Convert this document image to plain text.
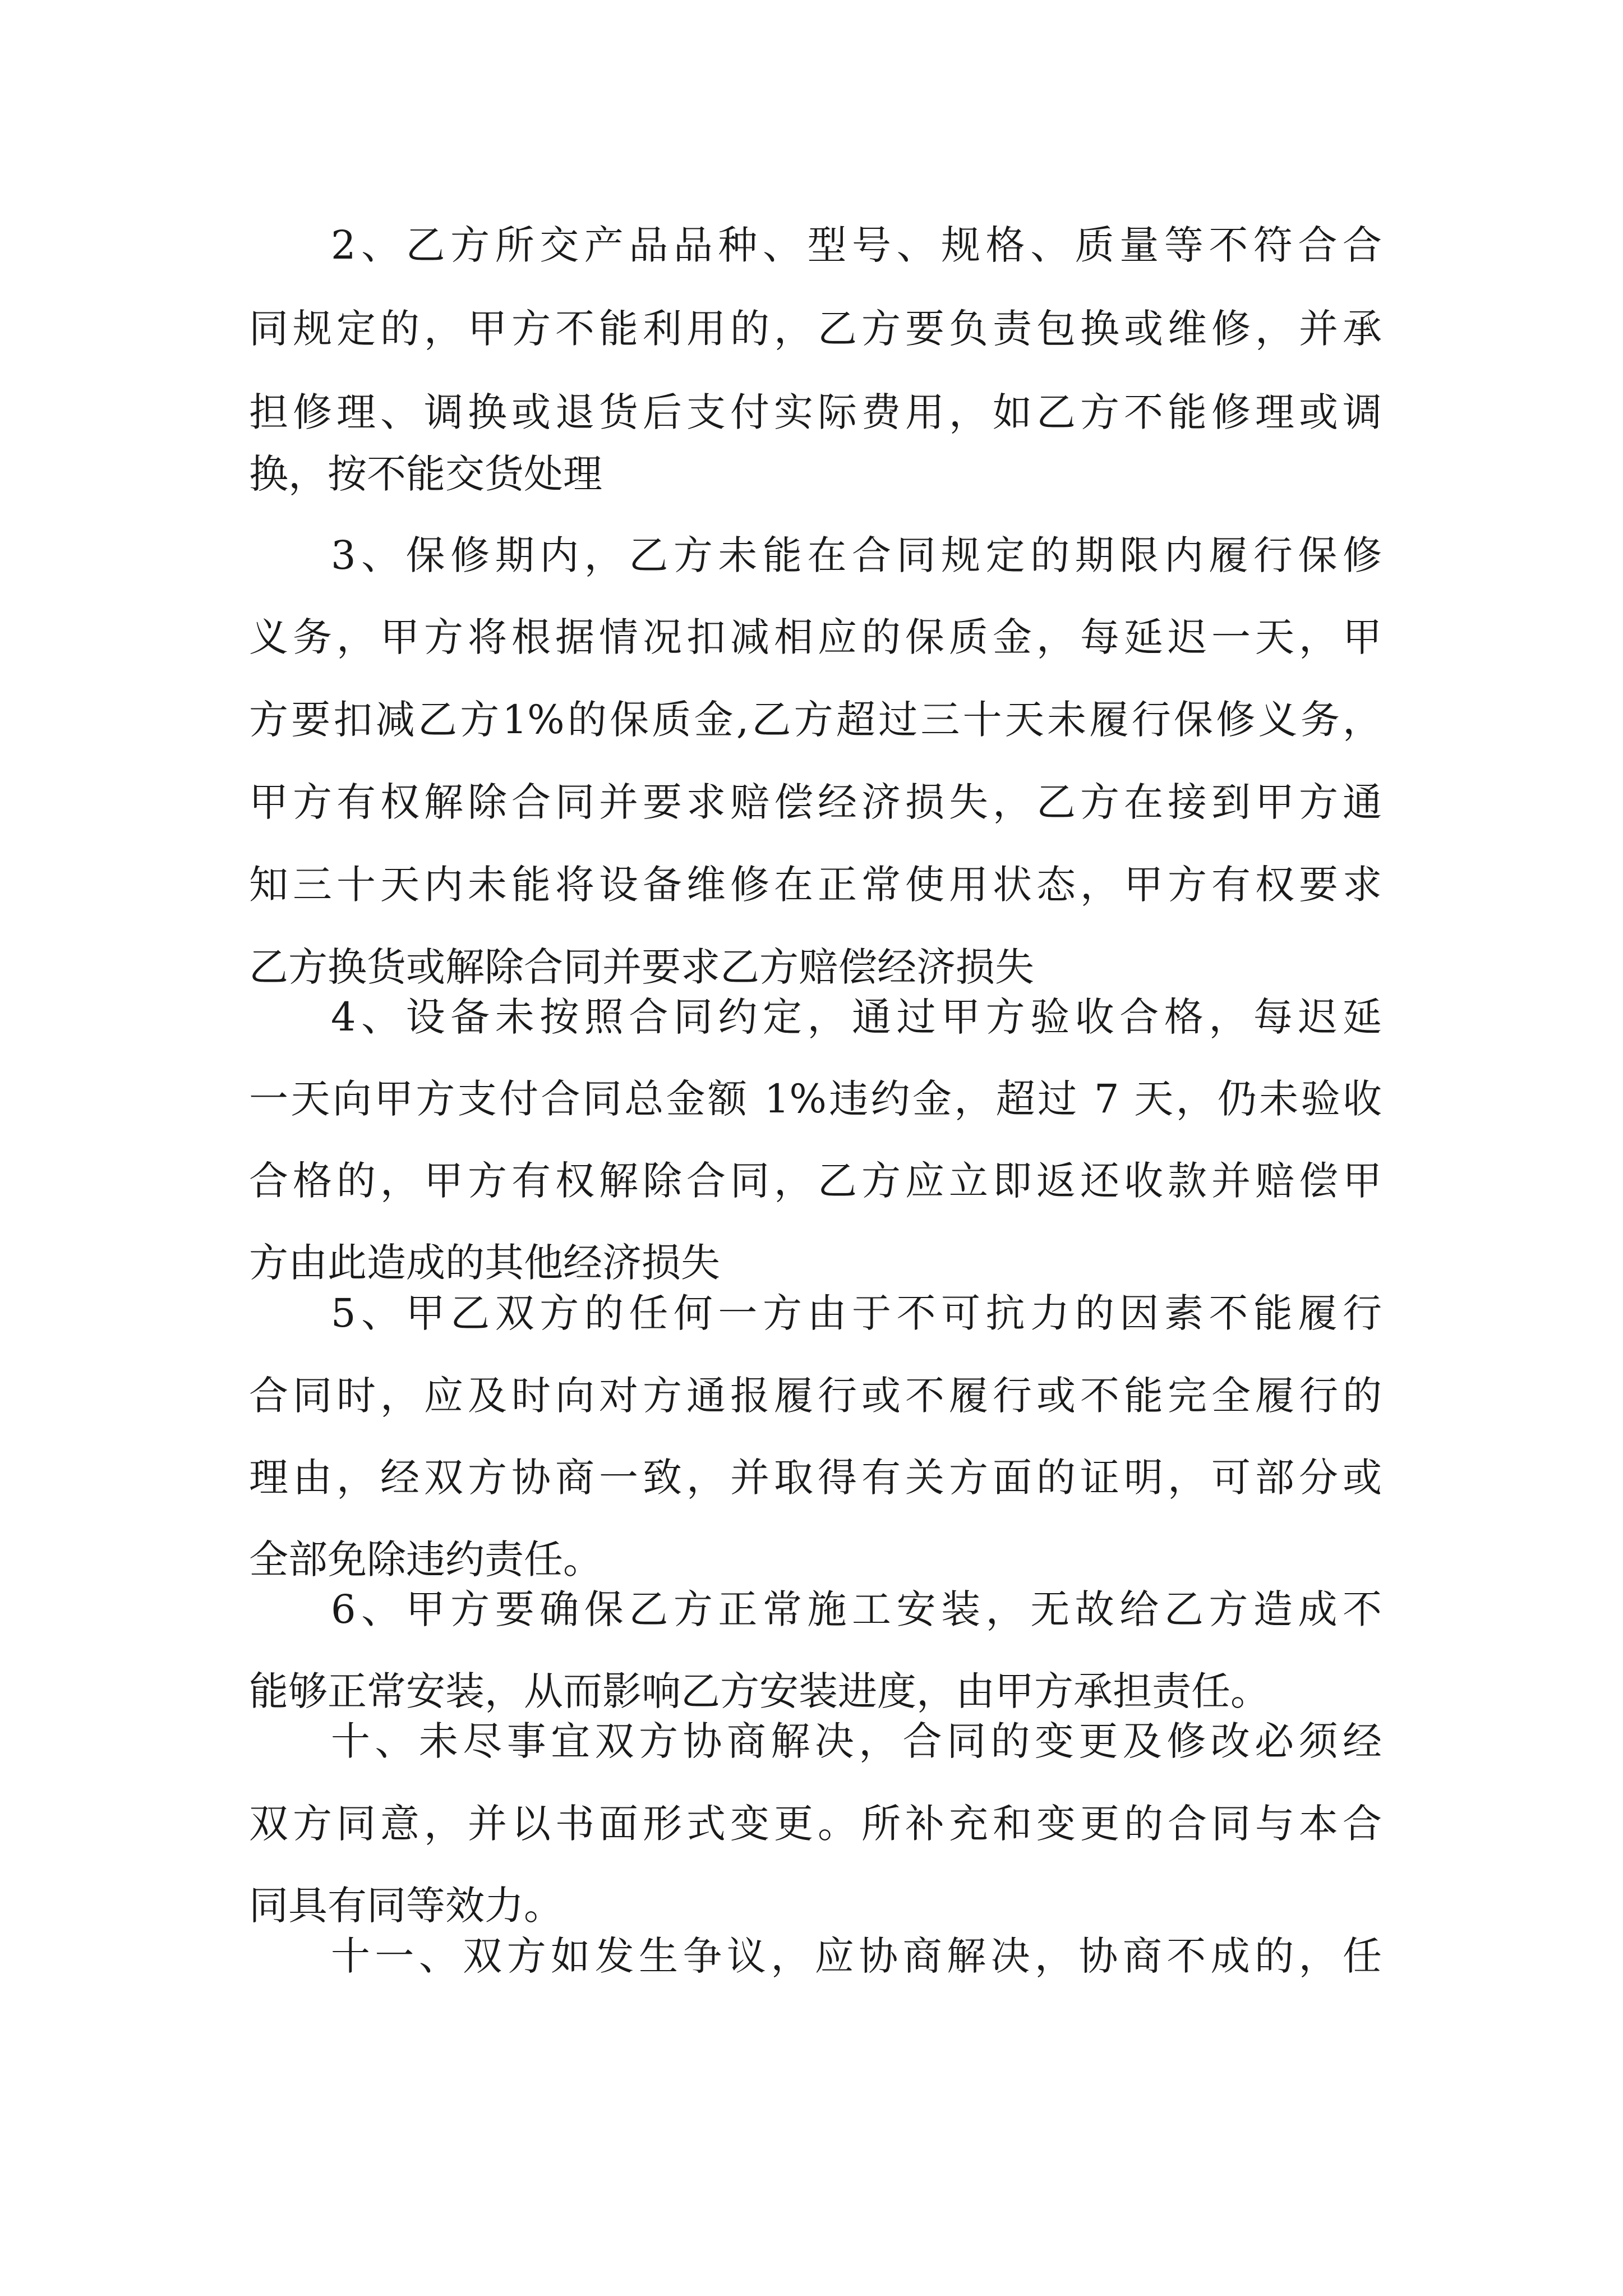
2、乙方所交产品品种、型号、规格、质量等不符合合
同规定的，甲方不能利用的，乙方要负责包换或维修，并承
担修理、调换或退货后支付实际费用，如乙方不能修理或调
换，按不能交货处理
3、保修期内，乙方未能在合同规定的期限内履行保修
义务，甲方将根据情况扣减相应的保质金，每延迟一天，甲
方要扣减乙方1%的保质金,乙方超过三十天未履行保修义务，
甲方有权解除合同并要求赔偿经济损失，乙方在接到甲方通
知三十天内未能将设备维修在正常使用状态，甲方有权要求
乙方换货或解除合同并要求乙方赔偿经济损失
4、设备未按照合同约定，通过甲方验收合格，每迟延
一天向甲方支付合同总金额 1%违约金，超过 7 天，仍未验收
合格的，甲方有权解除合同，乙方应立即返还收款并赔偿甲
方由此造成的其他经济损失
5、甲乙双方的任何一方由于不可抗力的因素不能履行
合同时，应及时向对方通报履行或不履行或不能完全履行的
理由，经双方协商一致，并取得有关方面的证明，可部分或
全部免除违约责任。
6、甲方要确保乙方正常施工安装，无故给乙方造成不
能够正常安装，从而影响乙方安装进度，由甲方承担责任。
十、未尽事宜双方协商解决，合同的变更及修改必须经
双方同意，并以书面形式变更。所补充和变更的合同与本合
同具有同等效力。
十一、双方如发生争议，应协商解决，协商不成的，任
